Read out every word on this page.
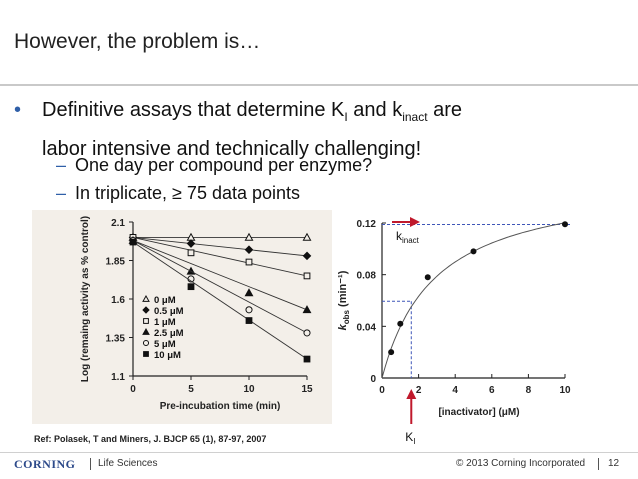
However, the problem is…
• Definitive assays that determine $K_I$ and $k_{inact}$ are
labor intensive and technically challenging!
– One day per compound per enzyme?
– In triplicate, ≥ 75 data points
1.1
1.35
1.6
1.85
2.1
0	5	10	15
Pre-incubation time (min)
Log (remaing activity as % control)	0 μM
0.5 μM
1 μM
2.5 μM
5 μM
10 μM
0
0.04
0.08
0.12
0	2	4	6	8	10
$k_{obs}$ (min⁻¹)
[inactivator] (μM)
$k_{inact}$
$K_I$
Ref: Polasek, T and Miners, J. BJCP 65 (1), 87-97, 2007
CORNING Life Sciences	© 2013 Corning Incorporated 12
